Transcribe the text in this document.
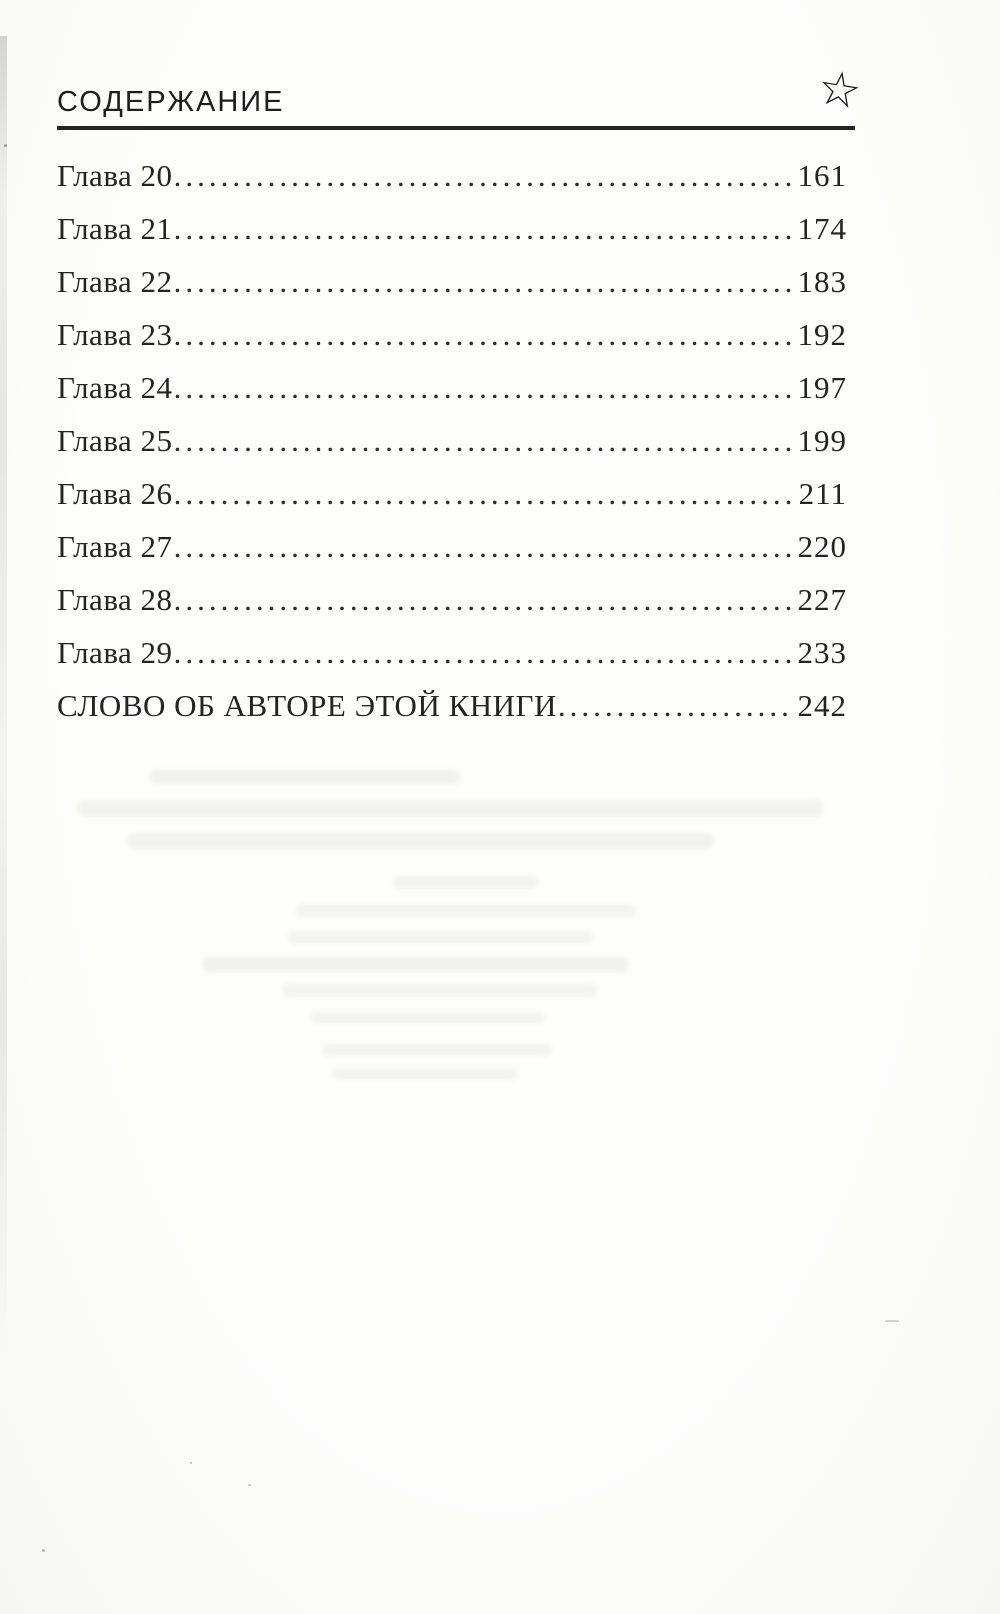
СОДЕРЖАНИЕ	☆
Глава 20 .....	161
Глава 21 .....	174
Глава 22 .....	183
Глава 23 .....	192
Глава 24 .....	197
Глава 25 .....	199
Глава 26 .....	211
Глава 27 .....	220
Глава 28 .....	227
Глава 29 .....	233
СЛОВО ОБ АВТОРЕ ЭТОЙ КНИГИ .....	242
